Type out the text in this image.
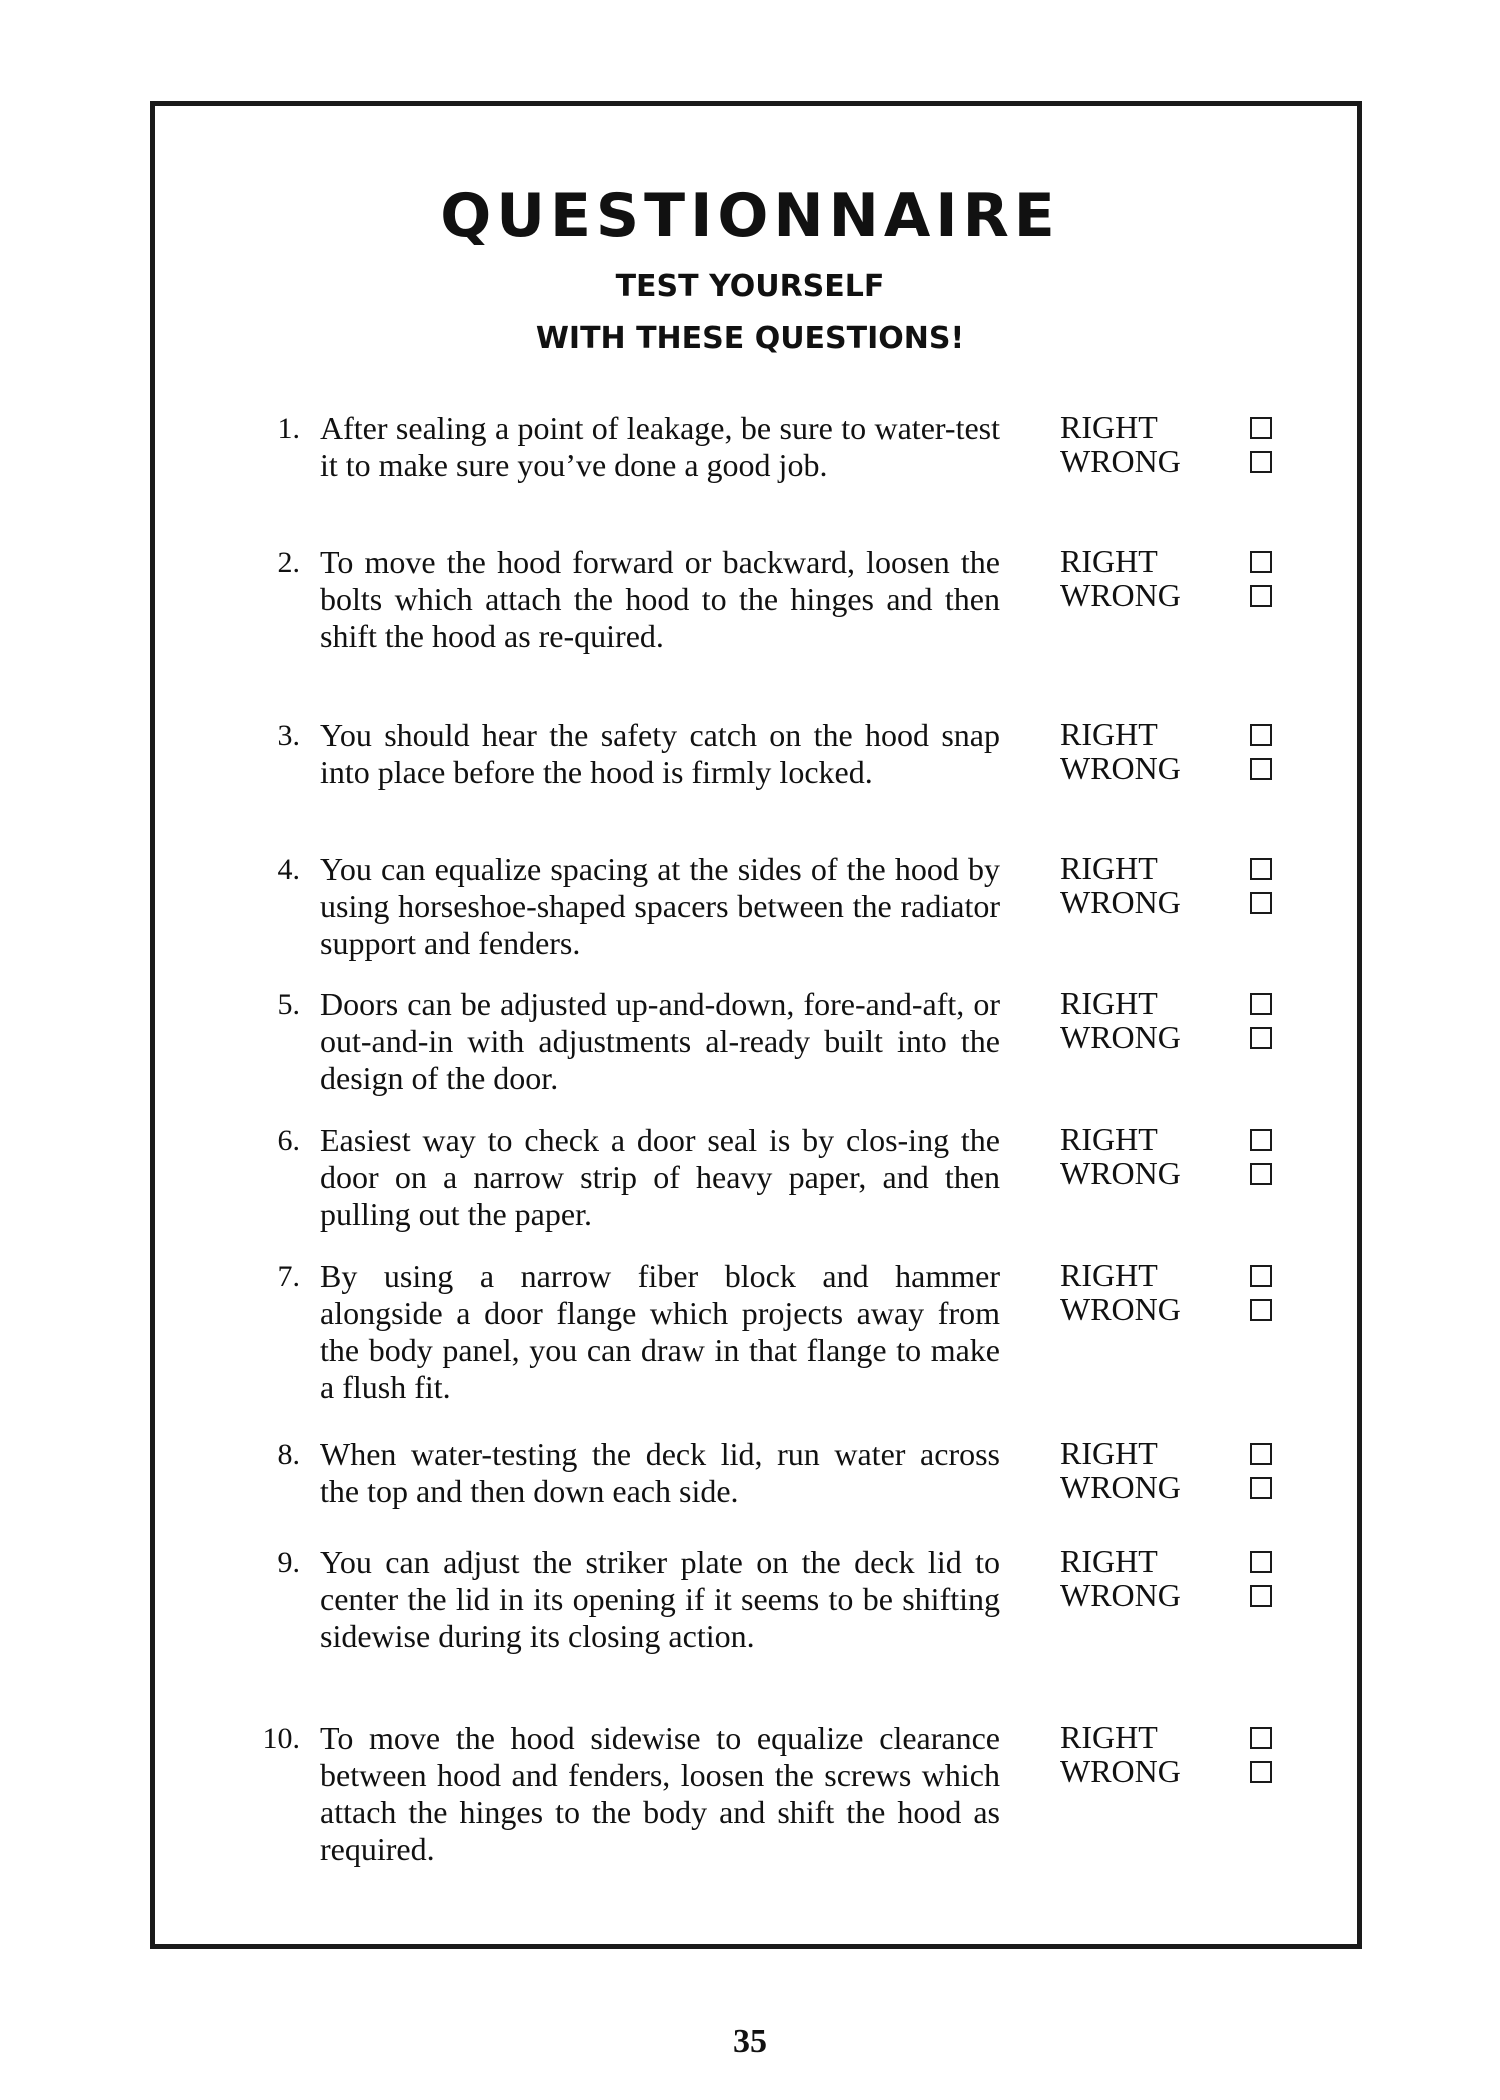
QUESTIONNAIRE
TEST YOURSELF
WITH THESE QUESTIONS!
1. After sealing a point of leakage, be sure to water-test it to make sure you’ve done a good job.
RIGHT
WRONG
2. To move the hood forward or backward, loosen the bolts which attach the hood to the hinges and then shift the hood as re-quired.
RIGHT
WRONG
3. You should hear the safety catch on the hood snap into place before the hood is firmly locked.
RIGHT
WRONG
4. You can equalize spacing at the sides of the hood by using horseshoe-shaped spacers between the radiator support and fenders.
RIGHT
WRONG
5. Doors can be adjusted up-and-down, fore-and-aft, or out-and-in with adjustments al-ready built into the design of the door.
RIGHT
WRONG
6. Easiest way to check a door seal is by clos-ing the door on a narrow strip of heavy paper, and then pulling out the paper.
RIGHT
WRONG
7. By using a narrow fiber block and hammer alongside a door flange which projects away from the body panel, you can draw in that flange to make a flush fit.
RIGHT
WRONG
8. When water-testing the deck lid, run water across the top and then down each side.
RIGHT
WRONG
9. You can adjust the striker plate on the deck lid to center the lid in its opening if it seems to be shifting sidewise during its closing action.
RIGHT
WRONG
10. To move the hood sidewise to equalize clearance between hood and fenders, loosen the screws which attach the hinges to the body and shift the hood as required.
RIGHT
WRONG
35
